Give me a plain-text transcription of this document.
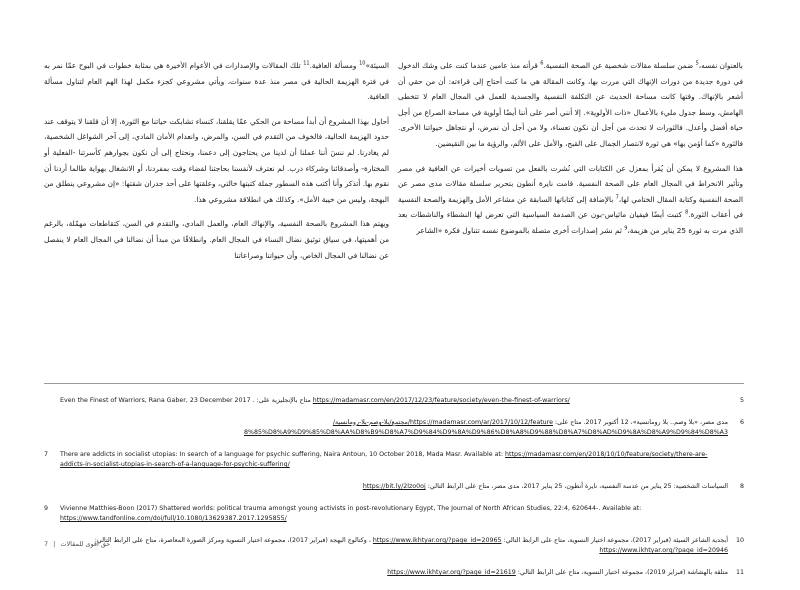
بالعنوان نفسه،$^5$ ضمن سلسلة مقالات شخصية عن الصحة النفسية.$^6$ قرأته منذ عامين عندما كنت على وشك الدخول في دورة جديدة من دورات الإنهاك التي مررت بها، وكانت المقالة هي ما كنت أحتاج إلى قراءته: أن من حقي أن أشعر بالإنهاك. وقتها كانت مساحة الحديث عن التكلفة النفسية والجسدية للعمل في المجال العام لا تتخطى الهامش، وسط جدول مليء بالأعمال «ذات الأولوية». إلا أنني أصر على أننا أيضًا أولوية في مساحة الصراع من أجل حياة أفضل وأعدل. فالثورات لا تحدث من أجل أن نكون تعساء، ولا من أجل أن نمرض، أو نتجاهل حيواتنا الأخرى. فالثورة «كما أؤمن بها» هي ثورة لانتصار الجمال على القبح، والأمل على الألم، والرؤية ما بين النقيضين.

هذا المشروع لا يمكن أن يُقرأ بمعزل عن الكتابات التي نُشرت بالفعل من تسويات أخيرات عن العافية في مصر وتأثير الانخراط في المجال العام على الصحة النفسية. قامت نايرة أنطون بتحرير سلسلة مقالات مدى مصر عن الصحة النفسية وكتابة المقال الختامي لها،$^7$ بالإضافة إلى كتاباتها السابقة عن مشاعر الأمل والهزيمة والصحة النفسية في أعقاب الثورة.$^8$ كتبت أيضًا فيفيان ماثياس-بون عن الصدمة السياسية التي تعرض لها النشطاء والناشطات بعد الذي مرت به ثورة 25 يناير من هزيمة،$^9$ ثم نشر إصدارات أخرى متصلة بالموضوع نفسه تتناول فكرة «الشاعر

السيئة»$^{10}$ ومسألة العافية.$^{11}$ تلك المقالات والإصدارات في الأعوام الأخيرة هي بمثابة خطوات في البوح عمّا نمر به في فترة الهزيمة الحالية في مصر منذ عدة سنوات، ويأتي مشروعي كجزء مكمل لهذا الهم العام لتناول مسألة العافية.

أحاول بهذا المشروع أن أبدأ مساحة من الحكي عمّا يقلقنا، كنساء تشابكت حياتنا مع الثورة، إلا أن قلقنا لا يتوقف عند حدود الهزيمة الحالية، فالخوف من التقدم في السن، والمرض، وانعدام الأمان المادي، إلى آخر الشواغل الشخصية، لم يغادرنا. لم ننسَ أننا عملنا أن لدينا من يحتاجون إلى دعمنا، ونحتاج إلى أن نكون بجوارهم كأسرتنا -الفعلية أو المختارة- وأصدقائنا وشركاء درب. لم نعترف لأنفسنا بحاجتنا لفضاء وقت بمفردنا، أو الانشغال بهواية طالما أردنا أن نقوم بها. أتذكر وأنا أكتب هذه السطور جملة كتبتها خالتي، وعلقتها على أحد جدران شقتها: «إن مشروعي ينطلق من البهجة، وليس من خيبة الأمل». وكذلك هي انطلاقة مشروعي هذا.

ويهتم هذا المشروع بالصحة النفسية، والإنهاك العام، والعمل المادي، والتقدم في السن، كتقاطعات مهمّلة، بالرغم من أهميتها، في سياق توثيق نضال النساء في المجال العام. وانطلاقًا من مبدأ أن نضالنا في المجال العام لا ينفصل عن نضالنا في المجال الخاص، وأن حيواتنا وصراعاتنا

5
Even the Finest of Warriors, Rana Gaber, 23 December 2017 . متاح بالإنجليزية على: https://madamasr.com/en/2017/12/23/feature/society/even-the-finest-of-warriors/
6
مدى مصر، «بلا وصم.. بلا رومانسية»، 12 أكتوبر 2017. متاح على: https://madamasr.com/ar/2017/10/12/feature/مجتمع/بلا-وصم-بلا-رومانسية/
8%85%D8%A9%D9%85%D8%AA%D8%B9%D8%A7%D9%84%D9%8A%D9%86%D8%A8%D9%88%D8%A7%D8%AD%D9%8A%D8%A9%D9%84%D8%A3
7	There are addicts in socialist utopias: In search of a language for psychic suffering, Naira Antoun, 10 October 2018, Mada Masr. Available at: https://madamasr.com/en/2018/10/10/feature/society/there-are-addicts-in-socialist-utopias-in-search-of-a-language-for-psychic-suffering/
8
السياسات الشخصية: 25 يناير من عدسة النفسية، نايرة أنطون، 25 يناير 2017، مدى مصر، متاح على الرابط التالي: https://bit.ly/2lzo0oj
9	Vivienne Matthies-Boon (2017) Shattered worlds: political trauma amongst young activists in post-revolutionary Egypt, The Journal of North African Studies, 22:4, 620644-. Available at: https://www.tandfonline.com/doi/full/10.1080/13629387.2017.1295855/
10
أبجدية الشاعر السيئة (فبراير 2017)، مجموعة اختيار النسوية، متاح على الرابط التالي: https://www.ikhtyar.org/?page_id=20965 ، وكتالوج البهجة (فبراير 2017)، مجموعة اختيار النسوية ومركز الصورة المعاصرة، متاح على الرابط التالي: https://www.ikhtyar.org/?page_id=20946
11
متلقة بالهشاشة (فبراير 2019)، مجموعة اختيار النسوية، متاح على الرابط التالي: https://www.ikhtyar.org/?page_id=21619
حق أقوى للمقالات|7
